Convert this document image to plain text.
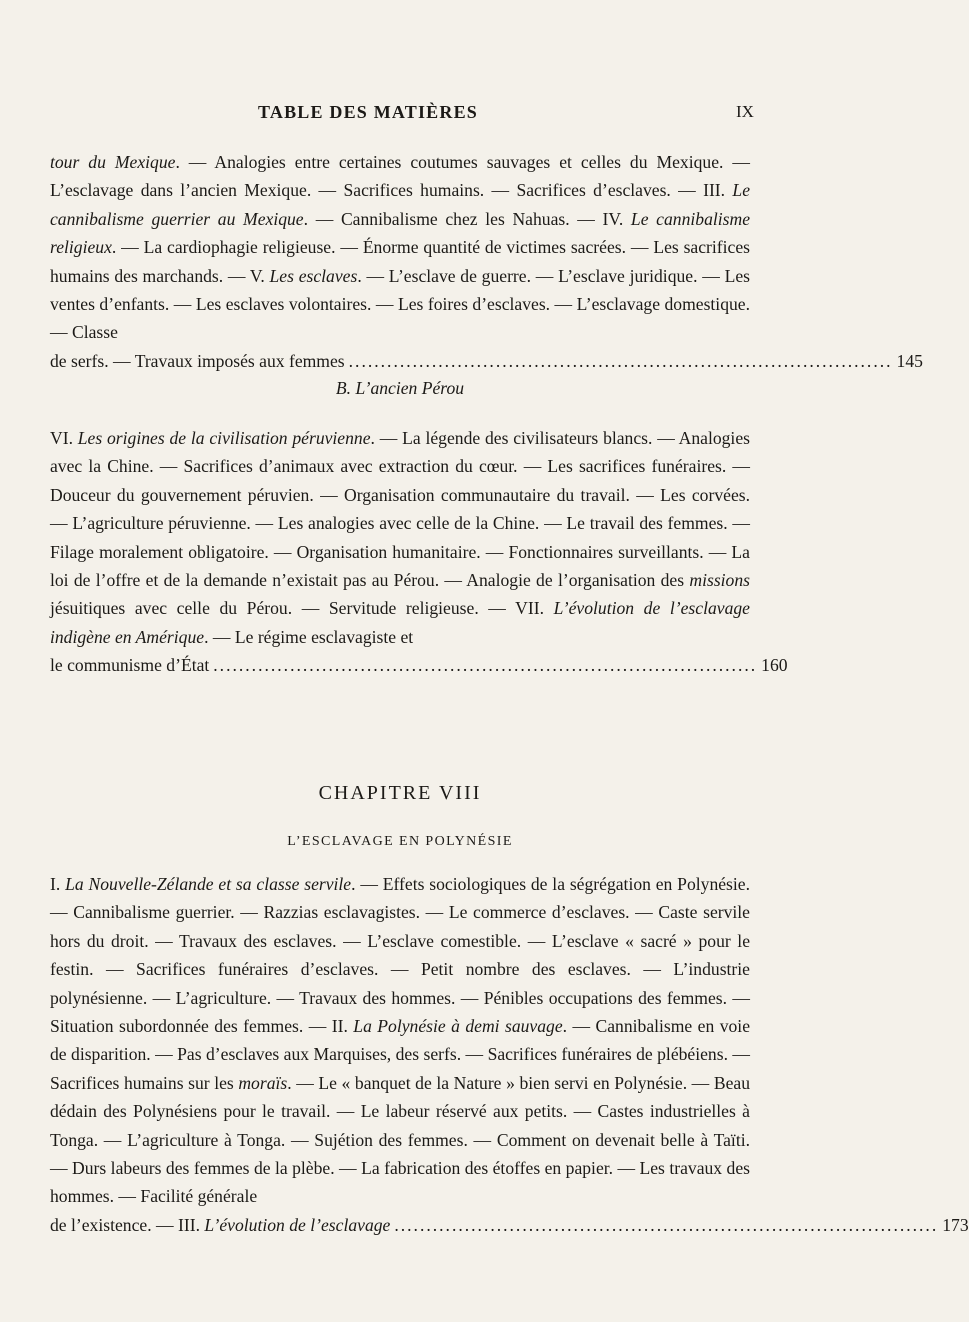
TABLE DES MATIÈRES	IX

tour du Mexique. — Analogies entre certaines coutumes sauvages et celles du Mexique. — L’esclavage dans l’ancien Mexique. — Sacrifices humains. — Sacrifices d’esclaves. — III. Le cannibalisme guerrier au Mexique. — Cannibalisme chez les Nahuas. — IV. Le cannibalisme religieux. — La cardiophagie religieuse. — Énorme quantité de victimes sacrées. — Les sacrifices humains des marchands. — V. Les esclaves. — L’esclave de guerre. — L’esclave juridique. — Les ventes d’enfants. — Les esclaves volontaires. — Les foires d’esclaves. — L’esclavage domestique. — Classe

de serfs. — Travaux imposés aux femmes ..................................................................................... 145
B. L’ancien Pérou

VI. Les origines de la civilisation péruvienne. — La légende des civilisateurs blancs. — Analogies avec la Chine. — Sacrifices d’animaux avec extraction du cœur. — Les sacrifices funéraires. — Douceur du gouvernement péruvien. — Organisation communautaire du travail. — Les corvées. — L’agriculture péruvienne. — Les analogies avec celle de la Chine. — Le travail des femmes. — Filage moralement obligatoire. — Organisation humanitaire. — Fonctionnaires surveillants. — La loi de l’offre et de la demande n’existait pas au Pérou. — Analogie de l’organisation des missions jésuitiques avec celle du Pérou. — Servitude religieuse. — VII. L’évolution de l’esclavage indigène en Amérique. — Le régime esclavagiste et

le communisme d’État ..................................................................................... 160
CHAPITRE VIII
L’ESCLAVAGE EN POLYNÉSIE

I. La Nouvelle-Zélande et sa classe servile. — Effets sociologiques de la ségrégation en Polynésie. — Cannibalisme guerrier. — Razzias esclavagistes. — Le commerce d’esclaves. — Caste servile hors du droit. — Travaux des esclaves. — L’esclave comestible. — L’esclave « sacré » pour le festin. — Sacrifices funéraires d’esclaves. — Petit nombre des esclaves. — L’industrie polynésienne. — L’agriculture. — Travaux des hommes. — Pénibles occupations des femmes. — Situation subordonnée des femmes. — II. La Polynésie à demi sauvage. — Cannibalisme en voie de disparition. — Pas d’esclaves aux Marquises, des serfs. — Sacrifices funéraires de plébéiens. — Sacrifices humains sur les moraïs. — Le « banquet de la Nature » bien servi en Polynésie. — Beau dédain des Polynésiens pour le travail. — Le labeur réservé aux petits. — Castes industrielles à Tonga. — L’agriculture à Tonga. — Sujétion des femmes. — Comment on devenait belle à Taïti. — Durs labeurs des femmes de la plèbe. — La fabrication des étoffes en papier. — Les travaux des hommes. — Facilité générale

de l’existence. — III. L’évolution de l’esclavage ..................................................................................... 173
